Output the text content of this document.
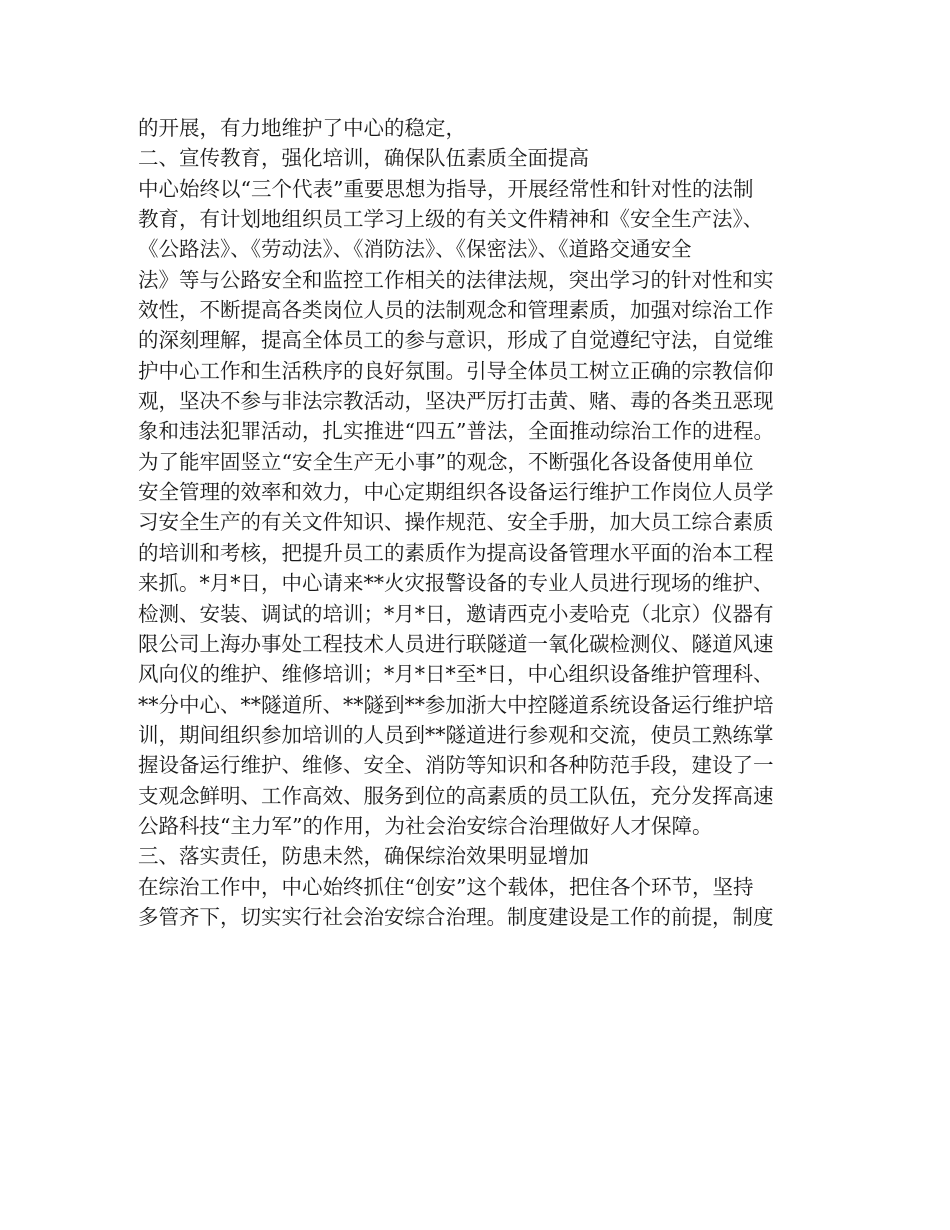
的开展，有力地维护了中心的稳定，
二、宣传教育，强化培训，确保队伍素质全面提高
中心始终以“三个代表”重要思想为指导，开展经常性和针对性的法制
教育，有计划地组织员工学习上级的有关文件精神和《安全生产法》、
《公路法》、《劳动法》、《消防法》、《保密法》、《道路交通安全
法》等与公路安全和监控工作相关的法律法规，突出学习的针对性和实
效性，不断提高各类岗位人员的法制观念和管理素质，加强对综治工作
的深刻理解，提高全体员工的参与意识，形成了自觉遵纪守法，自觉维
护中心工作和生活秩序的良好氛围。引导全体员工树立正确的宗教信仰
观，坚决不参与非法宗教活动，坚决严厉打击黄、赌、毒的各类丑恶现
象和违法犯罪活动，扎实推进“四五”普法，全面推动综治工作的进程。
为了能牢固竖立“安全生产无小事”的观念，不断强化各设备使用单位
安全管理的效率和效力，中心定期组织各设备运行维护工作岗位人员学
习安全生产的有关文件知识、操作规范、安全手册，加大员工综合素质
的培训和考核，把提升员工的素质作为提高设备管理水平面的治本工程
来抓。*月*日，中心请来**火灾报警设备的专业人员进行现场的维护、
检测、安装、调试的培训；*月*日，邀请西克小麦哈克（北京）仪器有
限公司上海办事处工程技术人员进行联隧道一氧化碳检测仪、隧道风速
风向仪的维护、维修培训；*月*日*至*日，中心组织设备维护管理科、
**分中心、**隧道所、**隧到**参加浙大中控隧道系统设备运行维护培
训，期间组织参加培训的人员到**隧道进行参观和交流，使员工熟练掌
握设备运行维护、维修、安全、消防等知识和各种防范手段，建设了一
支观念鲜明、工作高效、服务到位的高素质的员工队伍，充分发挥高速
公路科技“主力军”的作用，为社会治安综合治理做好人才保障。
三、落实责任，防患未然，确保综治效果明显增加
在综治工作中，中心始终抓住“创安”这个载体，把住各个环节，坚持
多管齐下，切实实行社会治安综合治理。制度建设是工作的前提，制度
